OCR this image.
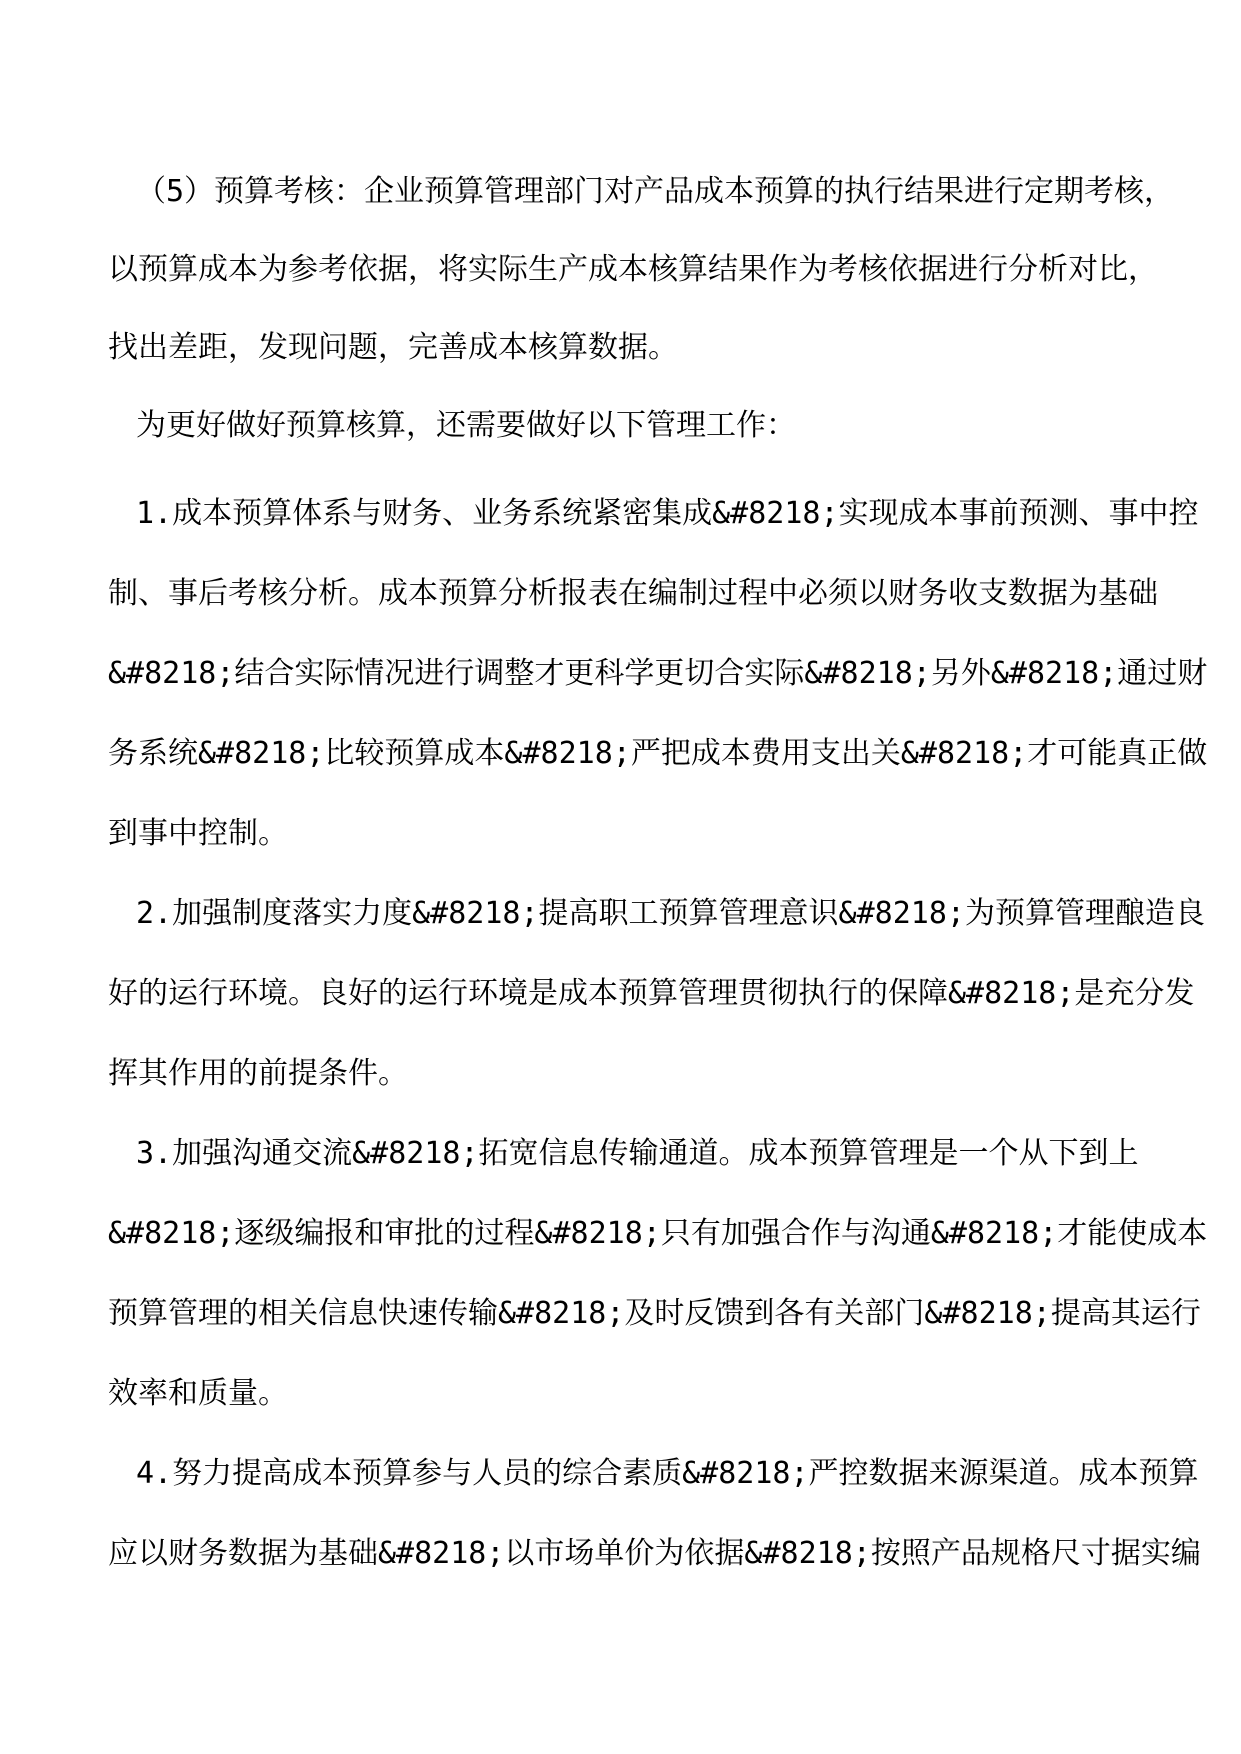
（5）预算考核：企业预算管理部门对产品成本预算的执行结果进行定期考核，
以预算成本为参考依据，将实际生产成本核算结果作为考核依据进行分析对比，
找出差距，发现问题，完善成本核算数据。
为更好做好预算核算，还需要做好以下管理工作：
1.成本预算体系与财务、业务系统紧密集成&#8218;实现成本事前预测、事中控
制、事后考核分析。成本预算分析报表在编制过程中必须以财务收支数据为基础
&#8218;结合实际情况进行调整才更科学更切合实际&#8218;另外&#8218;通过财
务系统&#8218;比较预算成本&#8218;严把成本费用支出关&#8218;才可能真正做
到事中控制。
2.加强制度落实力度&#8218;提高职工预算管理意识&#8218;为预算管理酿造良
好的运行环境。良好的运行环境是成本预算管理贯彻执行的保障&#8218;是充分发
挥其作用的前提条件。
3.加强沟通交流&#8218;拓宽信息传输通道。成本预算管理是一个从下到上
&#8218;逐级编报和审批的过程&#8218;只有加强合作与沟通&#8218;才能使成本
预算管理的相关信息快速传输&#8218;及时反馈到各有关部门&#8218;提高其运行
效率和质量。
4.努力提高成本预算参与人员的综合素质&#8218;严控数据来源渠道。成本预算
应以财务数据为基础&#8218;以市场单价为依据&#8218;按照产品规格尺寸据实编
